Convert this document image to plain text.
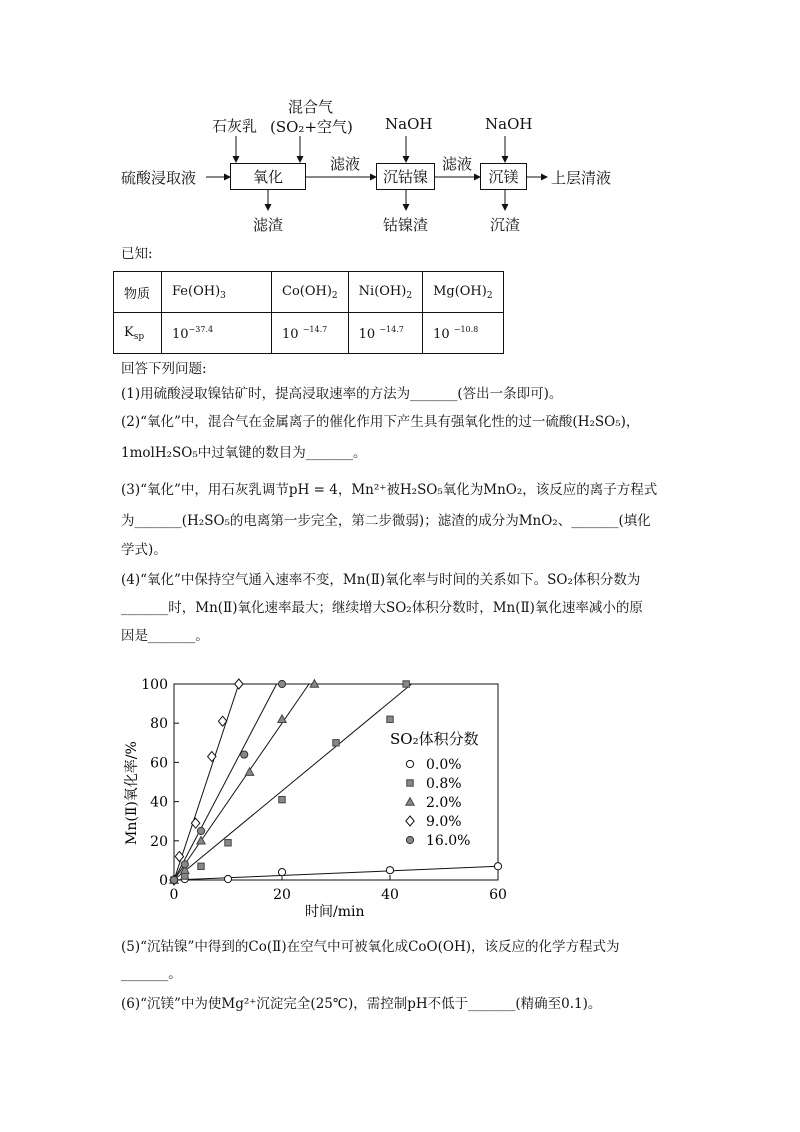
石灰乳
混合气
(SO₂+空气)
硫酸浸取液	氧化
滤液
沉钴镍
滤液
沉镁	上层清液
NaOH	NaOH
滤渣	钴镍渣	沉渣
已知:
物质	$Fe(OH)_3$	$Co(OH)_2$	$Ni(OH)_2$	$Mg(OH)_2$
$K_{sp}$	$10^{-37.4}$	10 $^{-14.7}$	10 $^{-14.7}$	10 $^{-10.8}$
回答下列问题:
(1)用硫酸浸取镍钴矿时，提高浸取速率的方法为_______(答出一条即可)。
(2)“氧化”中，混合气在金属离子的催化作用下产生具有强氧化性的过一硫酸(H₂SO₅)，
1molH₂SO₅中过氧键的数目为_______。
(3)“氧化”中，用石灰乳调节pH = 4，Mn²⁺被H₂SO₅氧化为MnO₂，该反应的离子方程式
为_______(H₂SO₅的电离第一步完全，第二步微弱)；滤渣的成分为MnO₂、_______(填化
学式)。
(4)“氧化”中保持空气通入速率不变，Mn(Ⅱ)氧化率与时间的关系如下。SO₂体积分数为
_______时，Mn(Ⅱ)氧化速率最大；继续增大SO₂体积分数时，Mn(Ⅱ)氧化速率减小的原
因是_______。
0
20
40
60
80
100
0	20	40	60
SO₂体积分数
0.0%
0.8%
2.0%
9.0%
16.0%
时间/min
Mn(Ⅱ)氧化率/%
(5)“沉钴镍”中得到的Co(Ⅱ)在空气中可被氧化成CoO(OH)，该反应的化学方程式为
_______。
(6)“沉镁”中为使Mg²⁺沉淀完全(25℃)，需控制pH不低于_______(精确至0.1)。
